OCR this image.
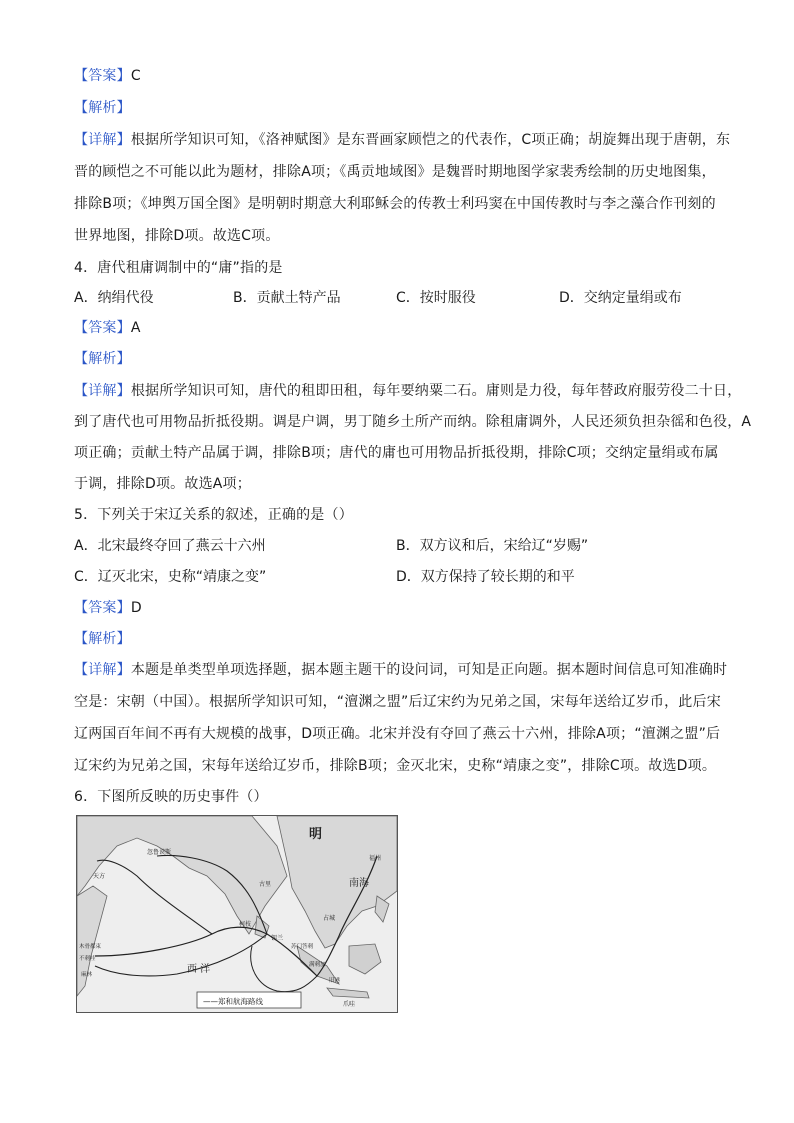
【答案】C
【解析】
【详解】根据所学知识可知，《洛神赋图》是东晋画家顾恺之的代表作，C项正确；胡旋舞出现于唐朝，东
晋的顾恺之不可能以此为题材，排除A项；《禹贡地域图》是魏晋时期地图学家裴秀绘制的历史地图集，
排除B项；《坤舆万国全图》是明朝时期意大利耶稣会的传教士利玛窦在中国传教时与李之藻合作刊刻的
世界地图，排除D项。故选C项。
4．唐代租庸调制中的“庸”指的是
A．纳绢代役	B．贡献土特产品	C．按时服役	D．交纳定量绢或布
【答案】A
【解析】
【详解】根据所学知识可知，唐代的租即田租，每年要纳粟二石。庸则是力役，每年替政府服劳役二十日，
到了唐代也可用物品折抵役期。调是户调，男丁随乡土所产而纳。除租庸调外，人民还须负担杂徭和色役，A
项正确；贡献土特产品属于调，排除B项；唐代的庸也可用物品折抵役期，排除C项；交纳定量绢或布属
于调，排除D项。故选A项；
5．下列关于宋辽关系的叙述，正确的是（）
A．北宋最终夺回了燕云十六州	B．双方议和后，宋给辽“岁赐”
C．辽灭北宋，史称“靖康之变”	D．双方保持了较长期的和平
【答案】D
【解析】
【详解】本题是单类型单项选择题，据本题主题干的设问词，可知是正向题。据本题时间信息可知准确时
空是：宋朝（中国）。根据所学知识可知，“澶渊之盟”后辽宋约为兄弟之国，宋每年送给辽岁币，此后宋
辽两国百年间不再有大规模的战事，D项正确。北宋并没有夺回了燕云十六州，排除A项；“澶渊之盟”后
辽宋约为兄弟之国，宋每年送给辽岁币，排除B项；金灭北宋，史称“靖康之变”，排除C项。故选D项。
6．下图所反映的历史事件（）
明
南海
西 洋
忽鲁谟斯
古里
柯枝
锡兰
天方
木骨都束
不剌哇
麻林
苏门答剌
满剌加
占城
福州
爪哇
旧港
——郑和航海路线
